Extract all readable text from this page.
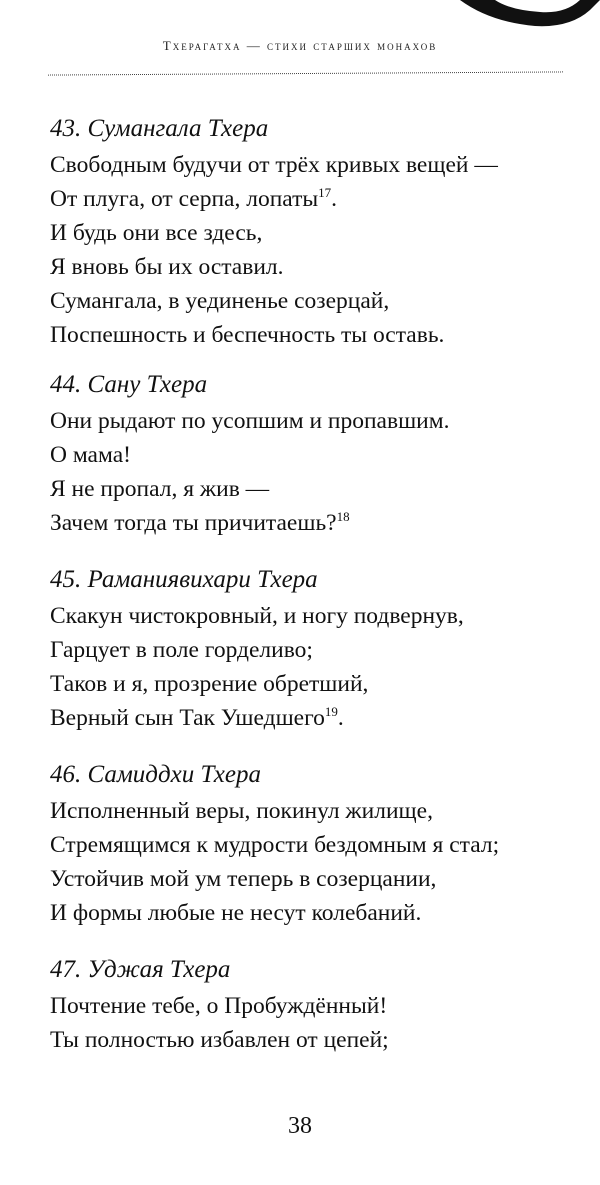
Тхерагатха — стихи старших монахов
43. Сумангала Тхера
Свободным будучи от трёх кривых вещей —
От плуга, от серпа, лопаты$^{17}$.
И будь они все здесь,
Я вновь бы их оставил.
Сумангала, в уединенье созерцай,
Поспешность и беспечность ты оставь.
44. Сану Тхера
Они рыдают по усопшим и пропавшим.
О мама!
Я не пропал, я жив —
Зачем тогда ты причитаешь?$^{18}$
45. Раманиявихари Тхера
Скакун чистокровный, и ногу подвернув,
Гарцует в поле горделиво;
Таков и я, прозрение обретший,
Верный сын Так Ушедшего$^{19}$.
46. Самиддхи Тхера
Исполненный веры, покинул жилище,
Стремящимся к мудрости бездомным я стал;
Устойчив мой ум теперь в созерцании,
И формы любые не несут колебаний.
47. Уджая Тхера
Почтение тебе, о Пробуждённый!
Ты полностью избавлен от цепей;
38
